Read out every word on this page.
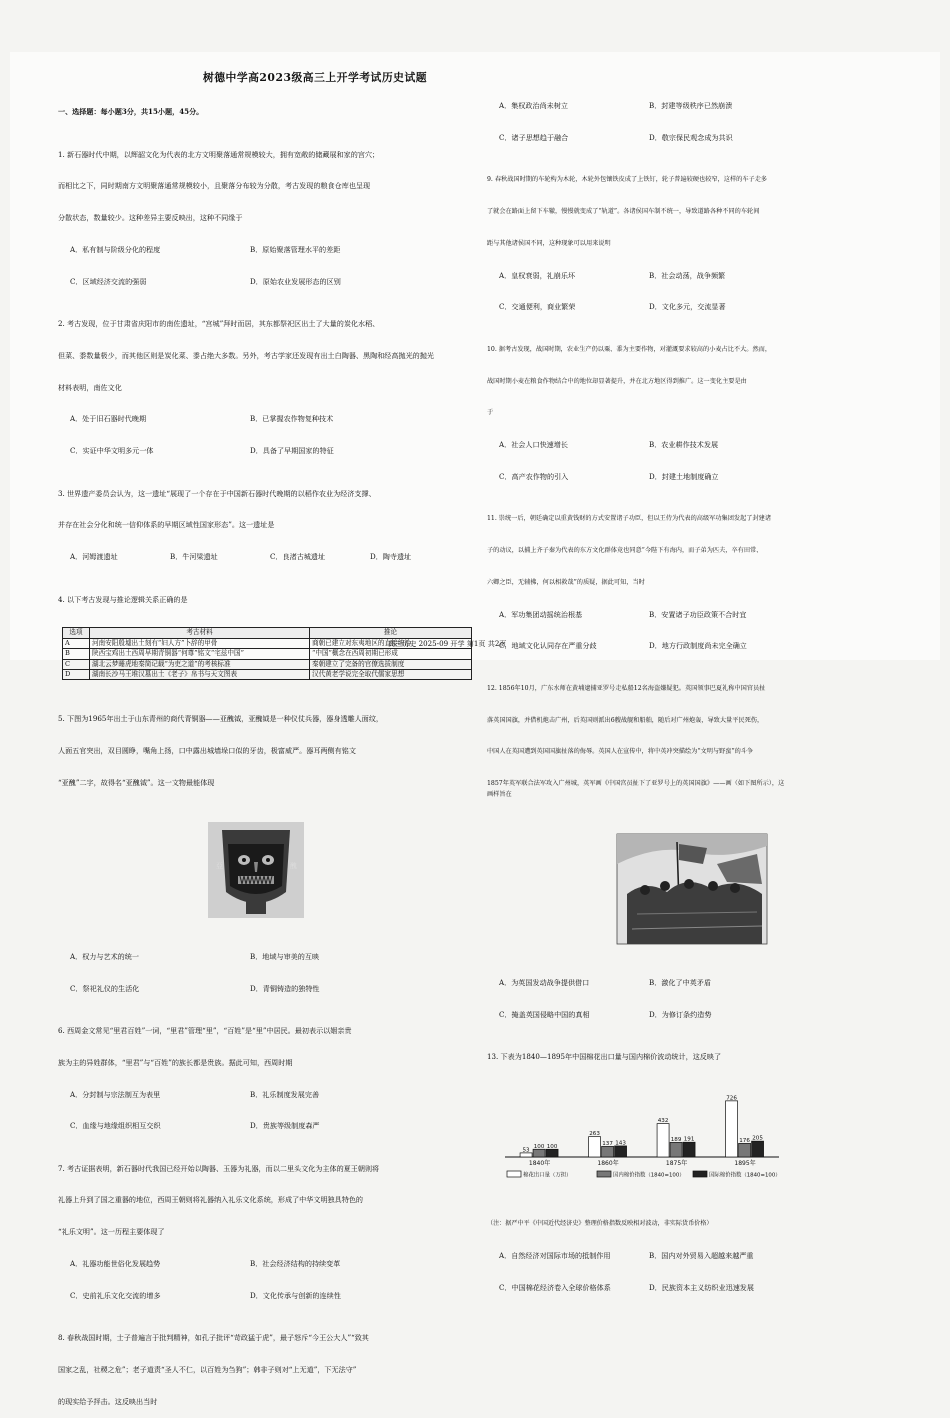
树德中学高2023级高三上开学考试历史试题

一、选择题：每小题3分，共15小题，45分。

1. 新石器时代中期，以辉韶文化为代表的北方文明聚落通常规模较大，拥有宽敞的储藏展和家的宫穴；

而相比之下，同时期南方文明聚落通常规模较小，且聚落分布较为分散，考古发现的粮食仓库也呈现

分散状态，数量较少。这种差异主要反映出，这种不同缘于

A．私有制与阶级分化的程度	B．原始聚落管理水平的差距

C．区域经济交流的强弱	D．原始农业发展形态的区别

2. 考古发现，位于甘肃省庆阳市的南佐遗址，“宫城”拜时而居，其东都祭祀区出土了大量的炭化水稻、

但菜、黍数量极少，而其他区则是炭化菜、黍占绝大多数。另外，考古学家还发现有出土白陶器、黑陶和经高抛光的抛光

材料表明，南佐文化

A．处于旧石器时代晚期	B．已掌握农作物复种技术

C．实证中华文明多元一体	D．具备了早期国家的特征

3. 世界遗产委员会认为，这一遗址“展现了一个存在于中国新石器时代晚期的以稻作农业为经济支撑、

并存在社会分化和统一信仰体系的早期区域性国家形态”。这一遗址是

A．河姆渡遗址	B．牛河梁遗址	C．良渚古城遗址	D．陶寺遗址

4. 以下考古发现与推论逻辑关系正确的是

选项	考古材料	推论
A	河南安阳殷墟出土刻有“妇人方”卜辞的甲骨	商朝已建立对东夷地区的直接统治
B	陕西宝鸡出土西周早期青铜器“何尊”铭文“宅兹中国”	“中国”概念在西周初期已形成
C	湖北云梦睡虎地秦简记载“为吏之道”的考核标准	秦朝建立了完备的官僚选拔制度
D	湖南长沙马王堆汉墓出土《老子》帛书与天文图表	汉代黄老学说完全取代儒家思想

5. 下图为1965年出土于山东青州的商代青铜器——亚醜钺，亚醜钺是一种仪仗兵器，器身透雕人面纹，

人面五官突出，双目圆睁，嘴角上扬，口中露出城墙垛口似的牙齿，极富威严。器耳两侧有铭文

“亚醜”二字，故得名“亚醜钺”。这一文物最能体现

亞	醜

A．权力与艺术的统一	B．地域与审美的互映

C．祭祀礼仪的生活化	D．青铜铸造的独特性

6. 西周金文常见“里君百姓”一词，“里君”管理“里”，“百姓”是“里”中居民。最初表示以姻亲贵

族为主的异姓群体，“里君”与“百姓”的族长都是贵族。据此可知，西周时期

A．分封制与宗法制互为表里	B．礼乐制度发展完善

C．血缘与地缘组织相互交织	D．贵族等级制度森严

7. 考古证据表明，新石器时代我国已经开始以陶器、玉器为礼器，而以二里头文化为主体的夏王朝则将

礼器上升到了国之重器的地位，西周王朝则将礼器纳入礼乐文化系统，形成了中华文明独具特色的

“礼乐文明”。这一历程主要体现了

A．礼器功能世俗化发展趋势	B．社会经济结构的持续变革

C．史前礼乐文化交流的增多	D．文化传承与创新的连续性

8. 春秋战国时期，士子普遍言于批判精神，如孔子批评“苛政猛于虎”，最子怒斥“今王公大人”“致其

国家之乱，社稷之危”；老子道责“圣人不仁，以百姓为刍狗”；韩非子则对“上无道”，下无法守”

的现实给予抨击。这反映出当时

A．集权政治尚未树立	B．封建等级秩序已然崩溃

C．诸子思想趋于融合	D．敬宗保民观念成为共识

9. 春秋战国时期的车轮构为木轮，木轮外包镶铁皮成了上铁钉，轮子普遍较硬也较窄，这样的车子走多

了就会在路面上留下车辙，慢慢就变成了“轨道”。各诸侯国车制不统一，导致道路各种不同的车轮间

距与其他诸侯国不同，这种现象可以用来说明

A．皇权衰弱，礼崩乐坏	B．社会动荡，战争频繁

C．交通便利，商业繁荣	D．文化多元，交流显著

10. 据考古发现，战国时期，农业生产仍以粟、黍为主要作物，对灌溉要求较高的小麦占比不大。然而，

战国时期小麦在粮食作物结合中的地位却显著提升，并在北方地区得到推广。这一变化主要是由

于

A．社会人口快速增长	B．农业耕作技术发展

C．高产农作物的引入	D．封建土地制度确立

11. 崇统一后，朝廷确定以重黄钱财的方式安置诸子功臣，但以王侍为代表的高级军功集团发起了封建诸

子的动议，以捕上齐子秦为代表的东方文化群体竟也同意“今陛下有海内，而子弟为匹夫，卒有田常、

六卿之臣，无辅拂，何以相救哉”的质疑，据此可知，当时

A．军功集团动摇统治根基	B．安置诸子功臣政策不合时宜

C．地域文化认同存在严重分歧	D．地方行政制度尚未完全确立

12. 1856年10月，广东水师在黄埔逮捕亚罗号走私船12名海盗嫌疑犯。英国领事巴夏礼称中国官员扯

落英国国旗，并借机炮击广州，后英国则派出6艘战舰和船舶，随后对广州炮轰，导致大量平民死伤，

中国人在英国遭到英国国旗扯落的侮辱。英国人在宣传中，将中英冲突描绘为“文明与野蛮”的斗争

1857年英军联合法军攻入广州城，英军画《中国宫员扯下了亚罗号上的英国国旗》——画（如下图所示），这画样旨在

A．为英国发动战争提供借口	B．激化了中英矛盾

C．掩盖英国侵略中国的真相	D．为修订条约造势

13. 下表为1840—1895年中国棉花出口量与国内棉价波动统计，这反映了

53
100 100
1840年
263
137 143
1860年
432
189 191
1875年
726
176 205
1895年
棉花出口量（万担）	国内棉价指数（1840=100）	国际棉价指数（1840=100）

（注：据严中平《中国近代经济史》整理价格指数反映相对波动，非实际货币价格）

A．自然经济对国际市场的抵制作用	B．国内对外贸易入超越来越严重

C．中国棉花经济卷入全球价格体系	D．民族资本主义纺织业迅速发展

高三历史 2025-09 开学 第1页 共2页
